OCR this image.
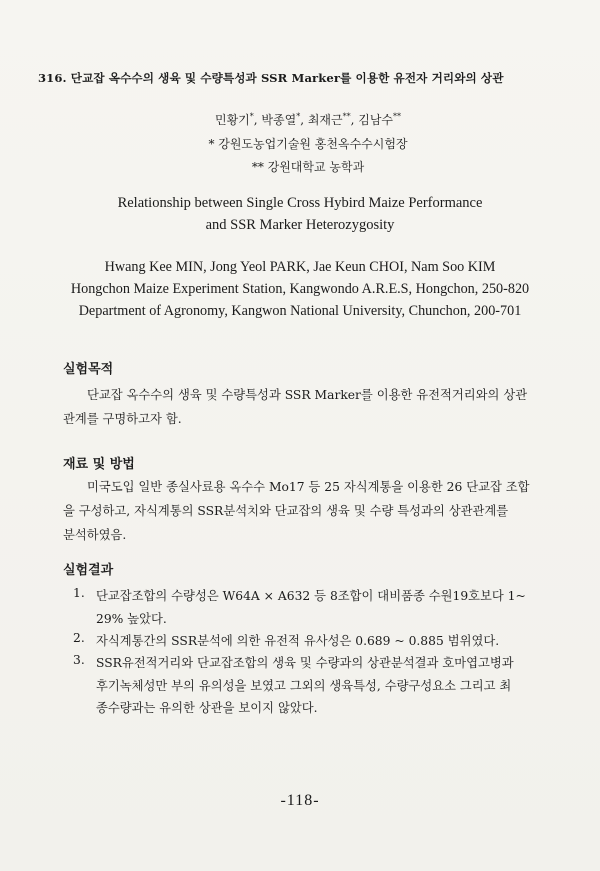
316. 단교잡 옥수수의 생육 및 수량특성과 SSR Marker를 이용한 유전자 거리와의 상관
민황기*, 박종열*, 최재근**, 김남수**
* 강원도농업기술원 홍천옥수수시험장
** 강원대학교 농학과
Relationship between Single Cross Hybird Maize Performance
and SSR Marker Heterozygosity
Hwang Kee MIN, Jong Yeol PARK, Jae Keun CHOI, Nam Soo KIM
Hongchon Maize Experiment Station, Kangwondo A.R.E.S, Hongchon, 250-820
Department of Agronomy, Kangwon National University, Chunchon, 200-701
실험목적
단교잡 옥수수의 생육 및 수량특성과 SSR Marker를 이용한 유전적거리와의 상관
관계를 구명하고자 함.
재료 및 방법
미국도입 일반 종실사료용 옥수수 Mo17 등 25 자식계통을 이용한 26 단교잡 조합
을 구성하고, 자식계통의 SSR분석치와 단교잡의 생육 및 수량 특성과의 상관관계를
분석하였음.
실험결과
1. 단교잡조합의 수량성은 W64A × A632 등 8조합이 대비품종 수원19호보다 1~
29% 높았다.
2. 자식계통간의 SSR분석에 의한 유전적 유사성은 0.689 ~ 0.885 범위였다.
3. SSR유전적거리와 단교잡조합의 생육 및 수량과의 상관분석결과 호마엽고병과
후기녹체성만 부의 유의성을 보였고 그외의 생육특성, 수량구성요소 그리고 최
종수량과는 유의한 상관을 보이지 않았다.
-118-
